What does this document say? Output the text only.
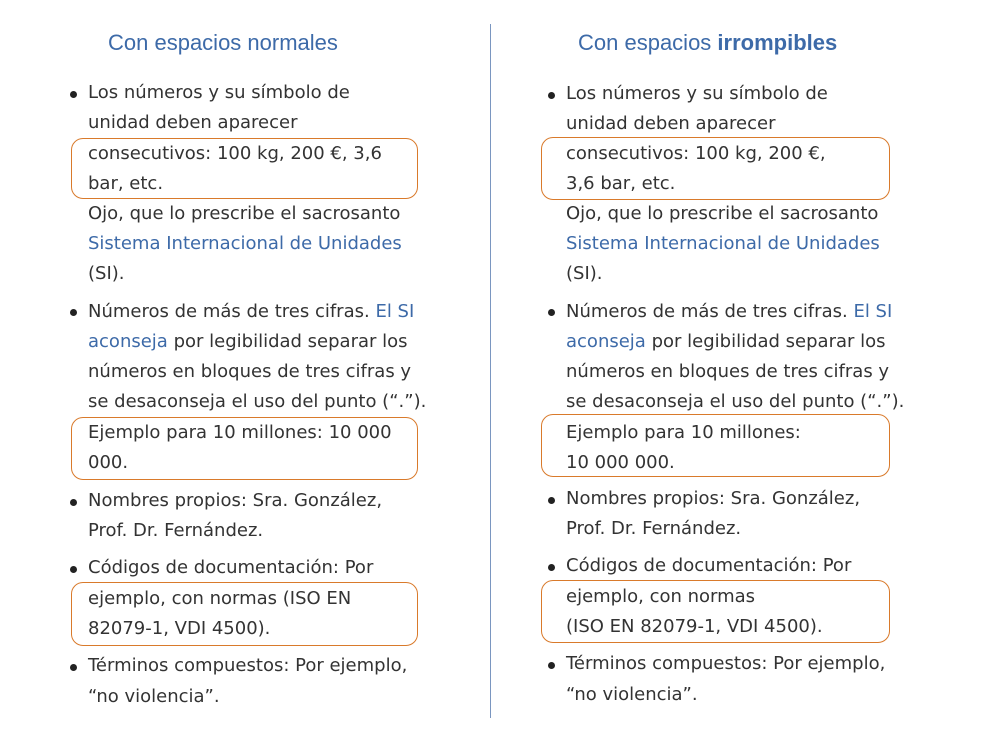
Con espacios normales
Los números y su símbolo de
unidad deben aparecer
consecutivos: 100 kg, 200 €, 3,6
bar, etc.
Ojo, que lo prescribe el sacrosanto
Sistema Internacional de Unidades
(SI).
Números de más de tres cifras. El SI
aconseja por legibilidad separar los
números en bloques de tres cifras y
se desaconseja el uso del punto (“.”).
Ejemplo para 10 millones: 10 000
000.
Nombres propios: Sra. González,
Prof. Dr. Fernández.
Códigos de documentación: Por
ejemplo, con normas (ISO EN
82079-1, VDI 4500).
Términos compuestos: Por ejemplo,
“no violencia”.
Con espacios irrompibles
Los números y su símbolo de
unidad deben aparecer
consecutivos: 100 kg, 200 €,
3,6 bar, etc.
Ojo, que lo prescribe el sacrosanto
Sistema Internacional de Unidades
(SI).
Números de más de tres cifras. El SI
aconseja por legibilidad separar los
números en bloques de tres cifras y
se desaconseja el uso del punto (“.”).
Ejemplo para 10 millones:
10 000 000.
Nombres propios: Sra. González,
Prof. Dr. Fernández.
Códigos de documentación: Por
ejemplo, con normas
(ISO EN 82079-1, VDI 4500).
Términos compuestos: Por ejemplo,
“no violencia”.
